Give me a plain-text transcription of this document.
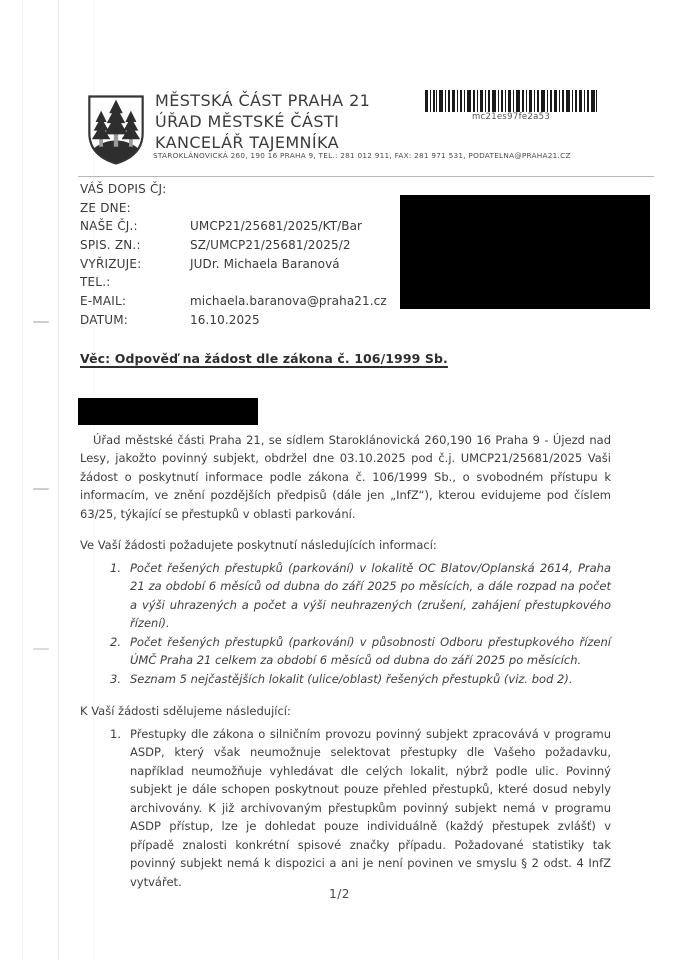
MĚSTSKÁ ČÁST PRAHA 21
ÚŘAD MĚSTSKÉ ČÁSTI
KANCELÁŘ TAJEMNÍKA
STAROKLÁNOVICKÁ 260, 190 16 PRAHA 9, TEL.: 281 012 911, FAX: 281 971 531, PODATELNA@PRAHA21.CZ
mc21es97fe2a53
VÁŠ DOPIS ČJ:
ZE DNE:
NAŠE ČJ.:	UMCP21/25681/2025/KT/Bar
SPIS. ZN.:	SZ/UMCP21/25681/2025/2
VYŘIZUJE:	JUDr. Michaela Baranová
TEL.:
E-MAIL:	michaela.baranova@praha21.cz
DATUM:	16.10.2025
Věc: Odpověď na žádost dle zákona č. 106/1999 Sb.
Úřad městské části Praha 21, se sídlem Staroklánovická 260,190 16 Praha 9 - Újezd nad Lesy, jakožto povinný subjekt, obdržel dne 03.10.2025 pod č.j. UMCP21/25681/2025 Vaši žádost o poskytnutí informace podle zákona č. 106/1999 Sb., o svobodném přístupu k informacím, ve znění pozdějších předpisů (dále jen „InfZ“), kterou evidujeme pod číslem 63/25, týkající se přestupků v oblasti parkování.
Ve Vaší žádosti požadujete poskytnutí následujících informací:
1. Počet řešených přestupků (parkování) v lokalitě OC Blatov/Oplanská 2614, Praha 21 za období 6 měsíců od dubna do září 2025 po měsících, a dále rozpad na počet a výši uhrazených a počet a výši neuhrazených (zrušení, zahájení přestupkového řízení).
2. Počet řešených přestupků (parkování) v působnosti Odboru přestupkového řízení ÚMČ Praha 21 celkem za období 6 měsíců od dubna do září 2025 po měsících.
3. Seznam 5 nejčastějších lokalit (ulice/oblast) řešených přestupků (viz. bod 2).
K Vaší žádosti sdělujeme následující:
1. Přestupky dle zákona o silničním provozu povinný subjekt zpracovává v programu ASDP, který však neumožnuje selektovat přestupky dle Vašeho požadavku, například neumožňuje vyhledávat dle celých lokalit, nýbrž podle ulic. Povinný subjekt je dále schopen poskytnout pouze přehled přestupků, které dosud nebyly archivovány. K již archivovaným přestupkům povinný subjekt nemá v programu ASDP přístup, lze je dohledat pouze individuálně (každý přestupek zvlášť) v případě znalosti konkrétní spisové značky případu. Požadované statistiky tak povinný subjekt nemá k dispozici a ani je není povinen ve smyslu § 2 odst. 4 InfZ vytvářet.
1/2
